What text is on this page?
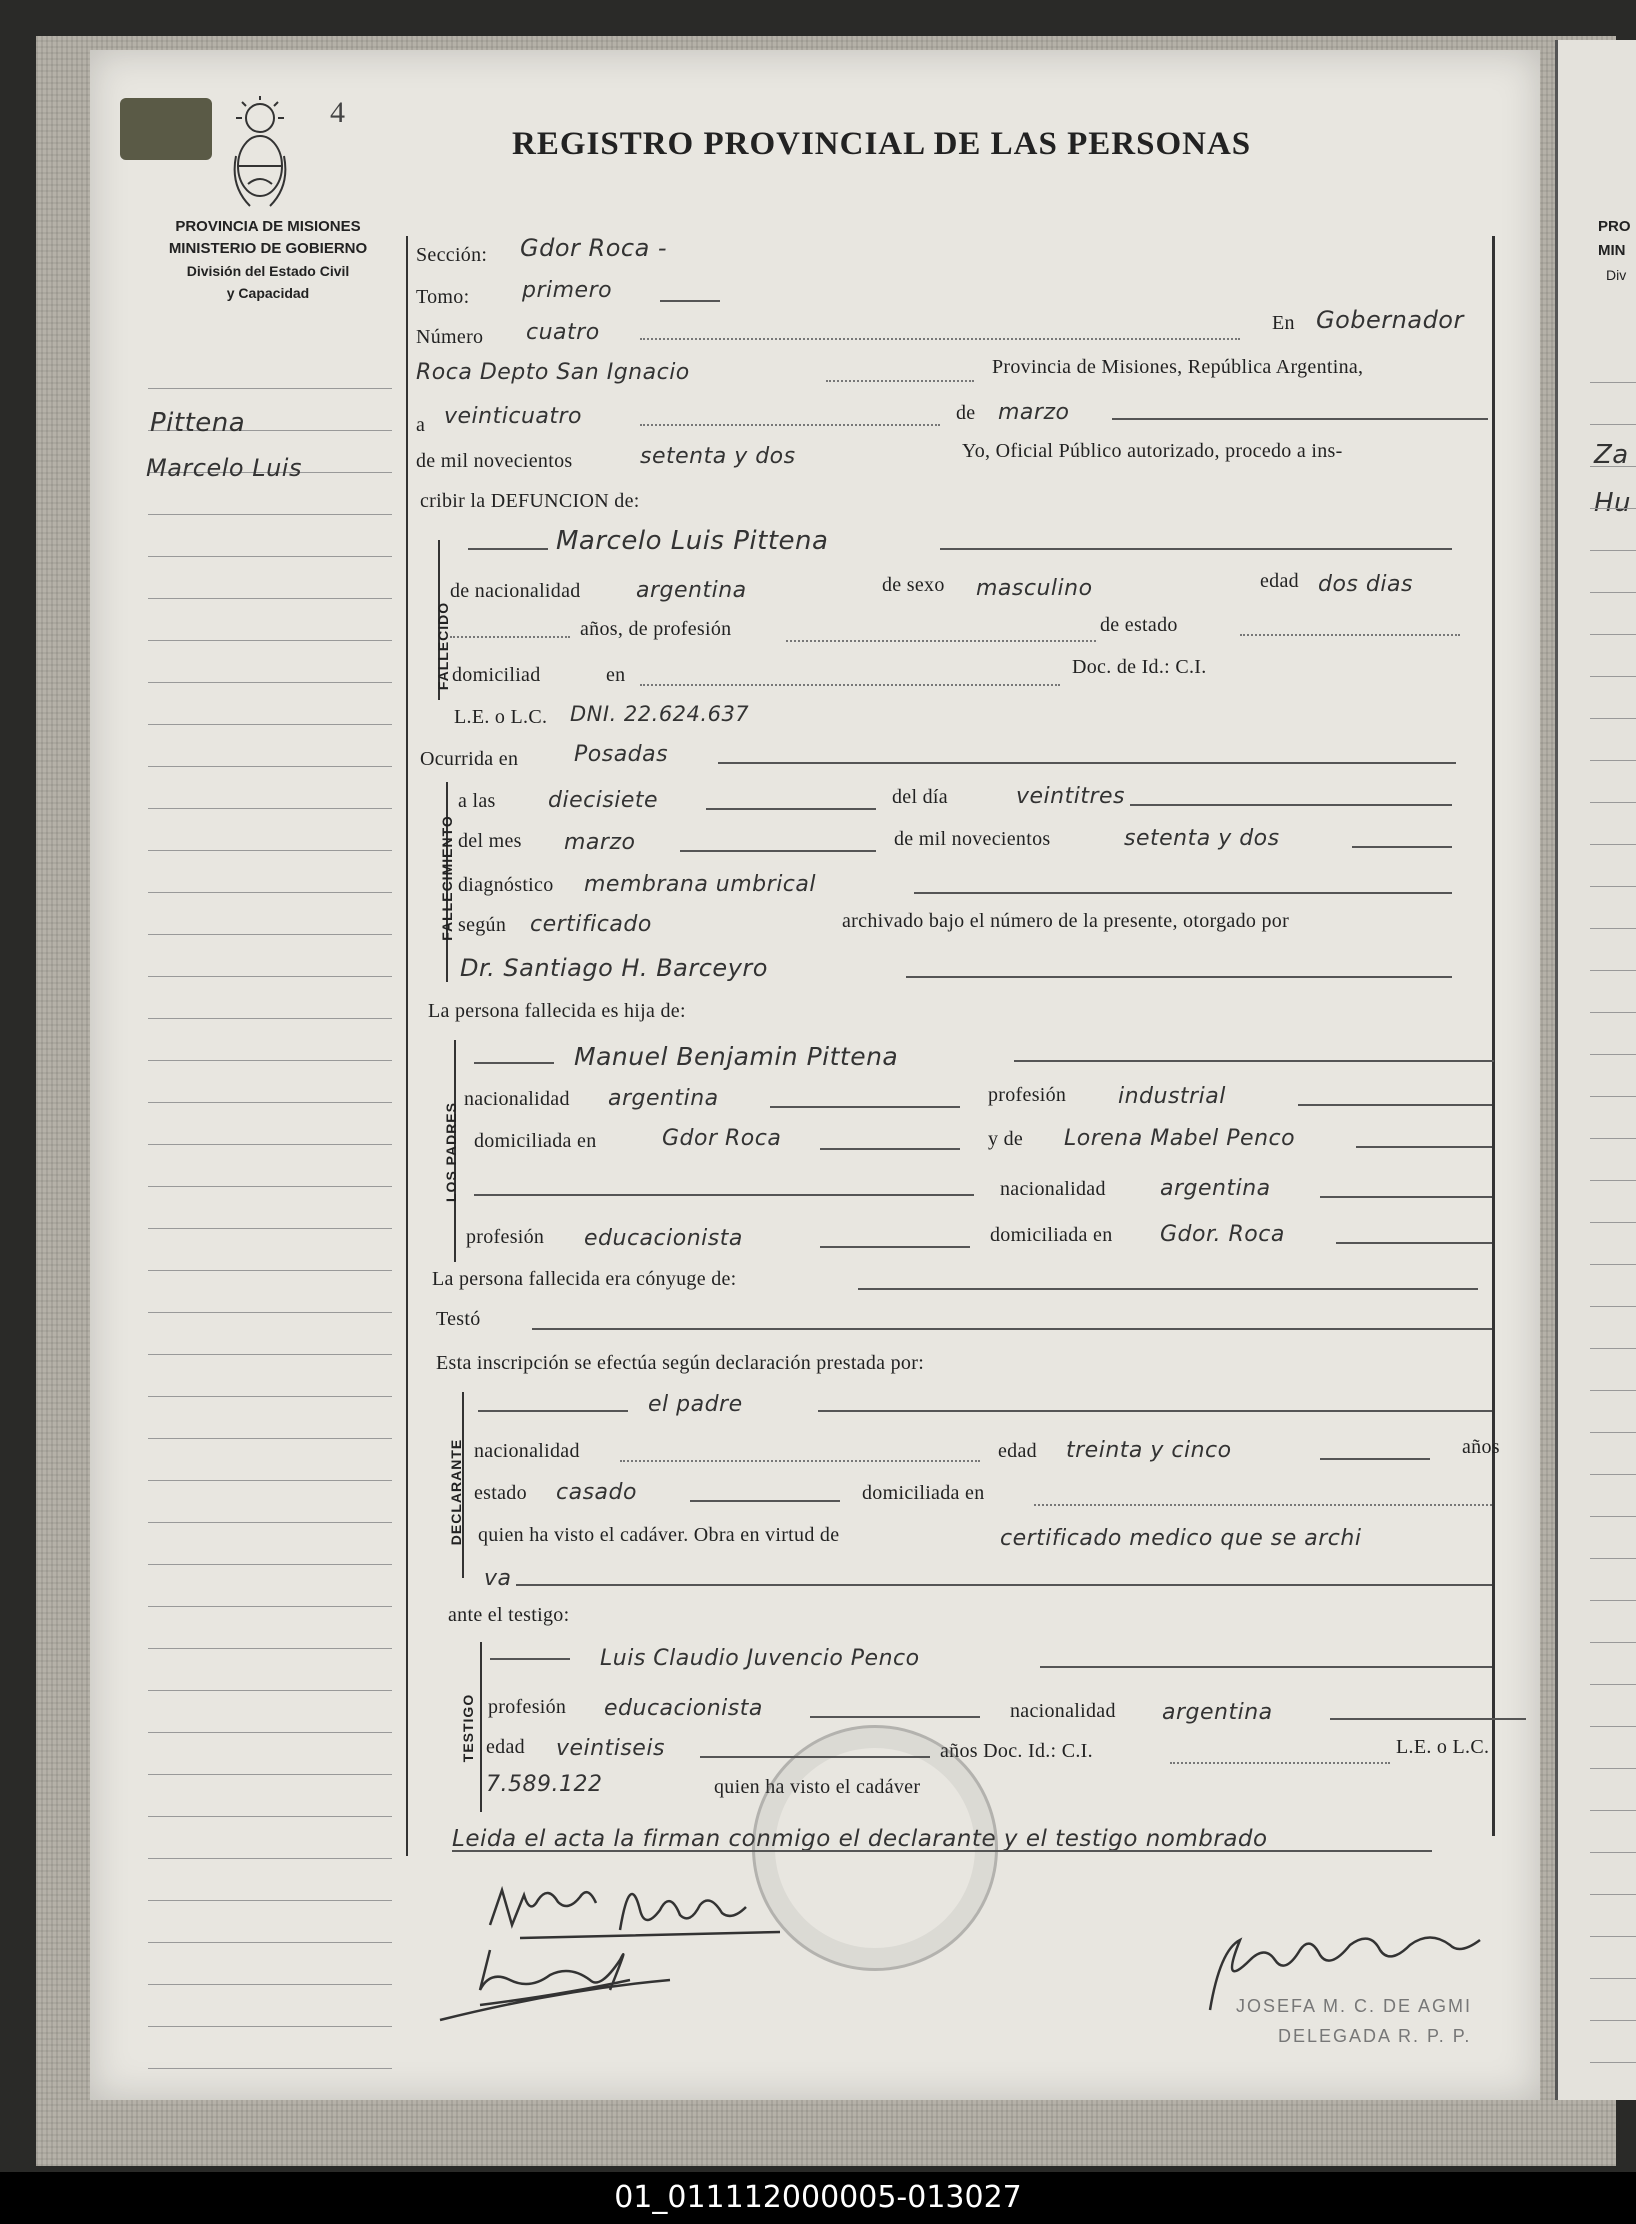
PRO
MIN
Div
Za
Hu
4
REGISTRO PROVINCIAL DE LAS PERSONAS
PROVINCIA DE MISIONES
MINISTERIO DE GOBIERNO
División del Estado Civil
y Capacidad
Pittena
Marcelo Luis
Sección: Gdor Roca -
Tomo: primero
Número cuatro	En Gobernador
Roca Depto San Ignacio	Provincia de Misiones, República Argentina,
a veinticuatro	de marzo
de mil novecientos	setenta y dos	Yo, Oficial Público autorizado, procedo a ins-
cribir la DEFUNCION de:
FALLECIDO
Marcelo Luis Pittena
de nacionalidad	argentina	de sexo masculino	edad dos dias
años, de profesión	de estado
domiciliad	en	Doc. de Id.: C.I.
L.E. o L.C. DNI. 22.624.637
Ocurrida en	Posadas
FALLECIMIENTO
a las diecisiete	del día	veintitres
del mes marzo	de mil novecientos	setenta y dos
diagnóstico membrana umbrical
según certificado	archivado bajo el número de la presente, otorgado por
Dr. Santiago H. Barceyro
La persona fallecida es hija de:
LOS PADRES
Manuel Benjamin Pittena
nacionalidad argentina	profesión industrial
domiciliada en	Gdor Roca	y de Lorena Mabel Penco
nacionalidad argentina
profesión educacionista	domiciliada en Gdor. Roca
La persona fallecida era cónyuge de:
Testó
Esta inscripción se efectúa según declaración prestada por:
DECLARANTE
el padre
nacionalidad	edad treinta y cinco	años
estado casado	domiciliada en
quien ha visto el cadáver. Obra en virtud de	certificado medico que se archi
va
ante el testigo:
TESTIGO
Luis Claudio Juvencio Penco
profesión educacionista	nacionalidad argentina
edad veintiseis	años Doc. Id.: C.I.	L.E. o L.C.
7.589.122	quien ha visto el cadáver
Leida el acta la firman conmigo el declarante y el testigo nombrado
JOSEFA M. C. DE AGMI
DELEGADA R. P. P.
01_011112000005-013027
